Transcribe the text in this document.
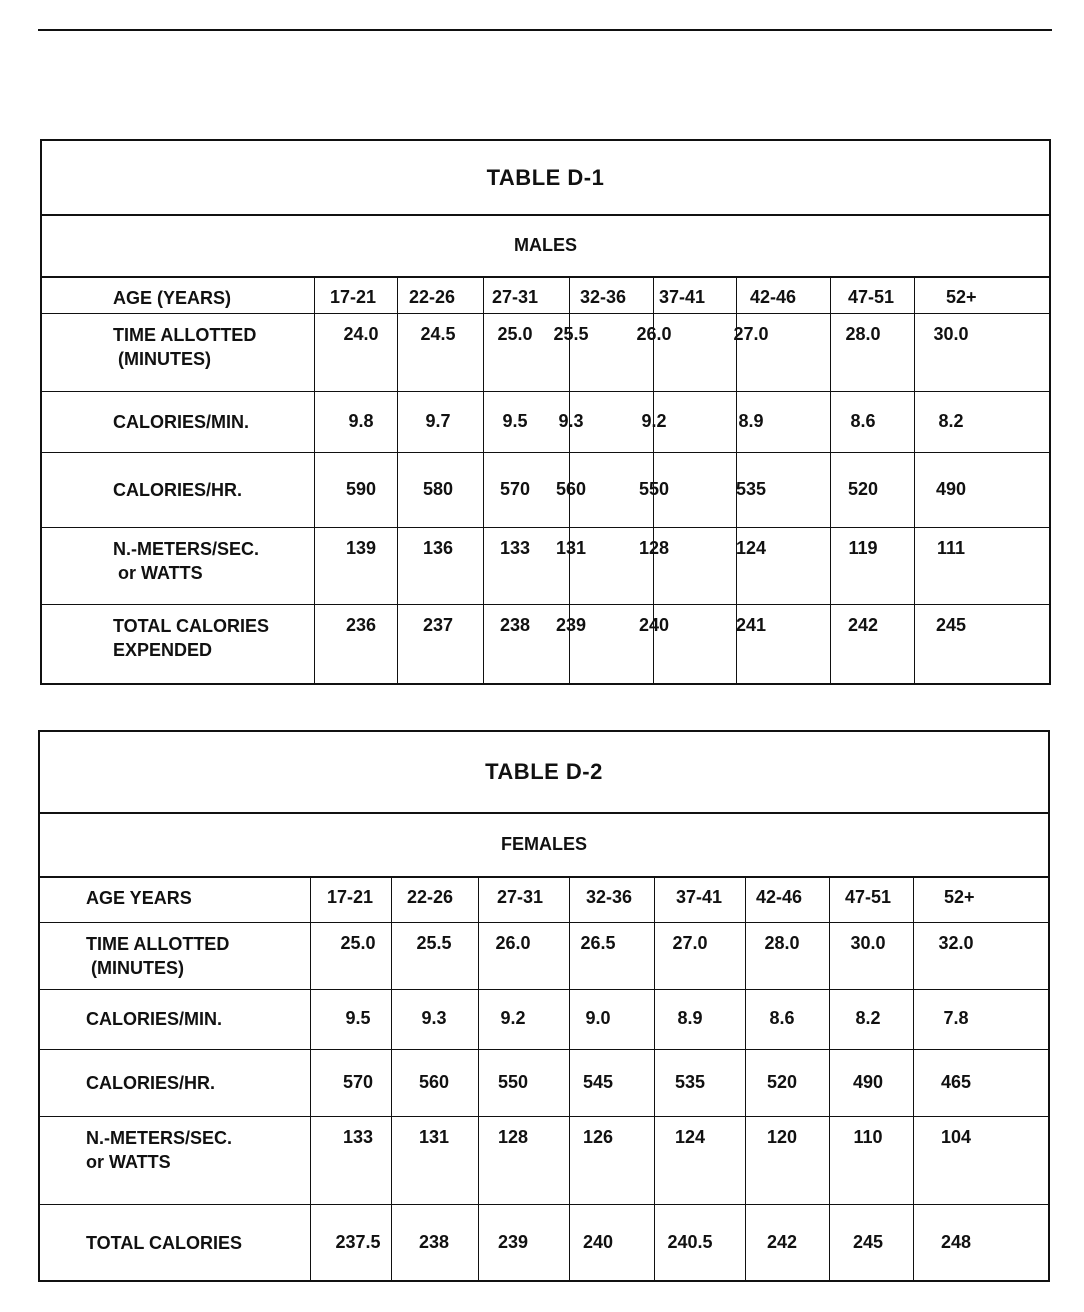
TABLE D-1
MALES
AGE (YEARS)	17-21 22-26 27-31 32-36 37-41 42-46	47-51	52+
TIME ALLOTTED
(MINUTES)
24.0	24.5	25.0	25.5	26.0	27.0	28.0	30.0
CALORIES/MIN.	9.8	9.7	9.5	9.3	9.2	8.9	8.6	8.2
CALORIES/HR.	590	580	570	560	550	535	520	490
N.-METERS/SEC.
or WATTS
139	136	133	131	128	124	119	111
TOTAL CALORIES
EXPENDED
236	237	238	239	240	241	242	245
TABLE D-2
FEMALES
AGE YEARS	17-21 22-26 27-31 32-36 37-41 42-46 47-51	52+
TIME ALLOTTED
(MINUTES)
25.0	25.5	26.0	26.5	27.0	28.0	30.0	32.0
CALORIES/MIN.	9.5	9.3	9.2	9.0	8.9	8.6	8.2	7.8
CALORIES/HR.	570	560	550	545	535	520	490	465
N.-METERS/SEC.
or WATTS
133	131	128	126	124	120	110	104
TOTAL CALORIES	237.5	238	239	240	240.5	242	245	248
